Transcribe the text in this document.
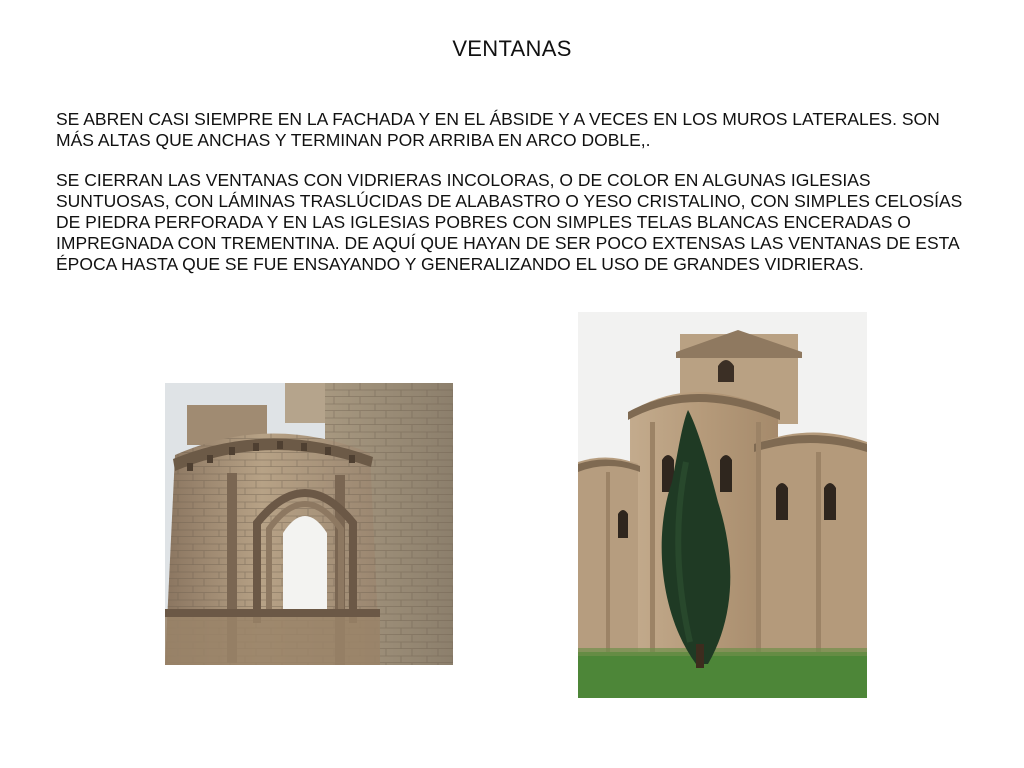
VENTANAS

SE ABREN CASI SIEMPRE EN LA FACHADA Y EN EL ÁBSIDE Y A VECES EN LOS MUROS LATERALES. SON MÁS ALTAS QUE ANCHAS Y TERMINAN POR ARRIBA EN ARCO DOBLE,.

SE CIERRAN LAS VENTANAS CON VIDRIERAS INCOLORAS, O DE COLOR EN ALGUNAS IGLESIAS SUNTUOSAS, CON LÁMINAS TRASLÚCIDAS DE ALABASTRO O YESO CRISTALINO, CON SIMPLES CELOSÍAS DE PIEDRA PERFORADA Y EN LAS IGLESIAS POBRES CON SIMPLES TELAS BLANCAS ENCERADAS O IMPREGNADA CON TREMENTINA. DE AQUÍ QUE HAYAN DE SER POCO EXTENSAS LAS VENTANAS DE ESTA ÉPOCA HASTA QUE SE FUE ENSAYANDO Y GENERALIZANDO EL USO DE GRANDES VIDRIERAS.
